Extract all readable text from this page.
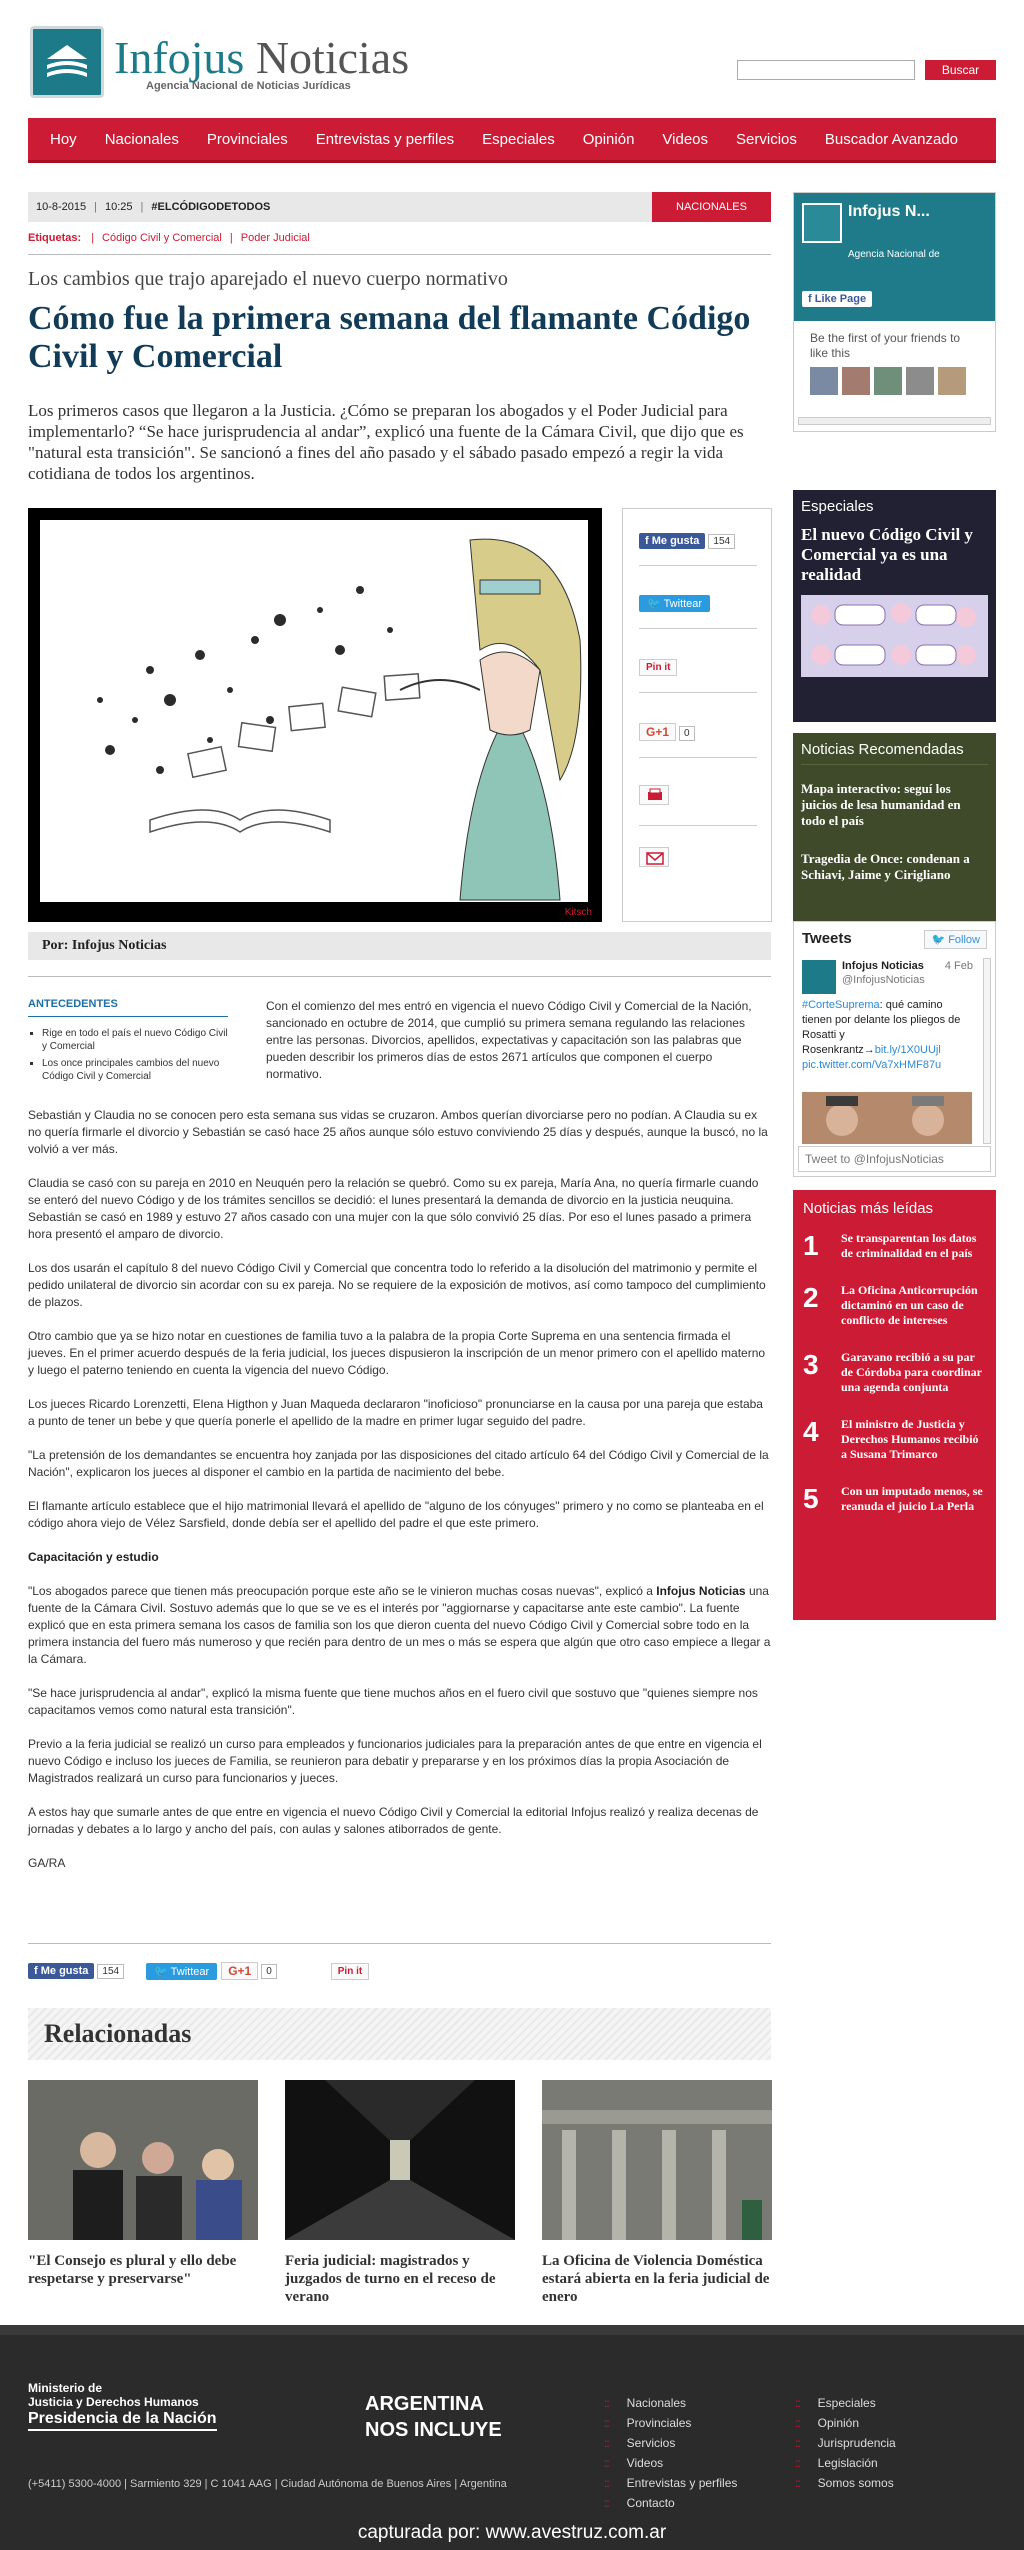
Infojus Noticias
Agencia Nacional de Noticias Jurídicas
Buscar
Hoy	Nacionales	Provinciales	Entrevistas y perfiles	Especiales	Opinión	Videos	Servicios	Buscador Avanzado
10-8-2015 | 10:25 | #ELCÓDIGODETODOS	NACIONALES
Etiquetas: | Código Civil y Comercial | Poder Judicial
Los cambios que trajo aparejado el nuevo cuerpo normativo
Cómo fue la primera semana del flamante Código Civil y Comercial

Los primeros casos que llegaron a la Justicia. ¿Cómo se preparan los abogados y el Poder Judicial para implementarlo? “Se hace jurisprudencia al andar”, explicó una fuente de la Cámara Civil, que dijo que es "natural esta transición". Se sancionó a fines del año pasado y el sábado pasado empezó a regir la vida cotidiana de todos los argentinos.

Kitsch
f Me gusta 154
🐦 Twittear
Pin it
G+1 0
Por: Infojus Noticias
ANTECEDENTES
▪ Rige en todo el país el nuevo Código Civil y Comercial
▪ Los once principales cambios del nuevo Código Civil y Comercial

Con el comienzo del mes entró en vigencia el nuevo Código Civil y Comercial de la Nación, sancionado en octubre de 2014, que cumplió su primera semana regulando las relaciones entre las personas. Divorcios, apellidos, expectativas y capacitación son las palabras que pueden describir los primeros días de estos 2671 artículos que componen el cuerpo normativo.

Sebastián y Claudia no se conocen pero esta semana sus vidas se cruzaron. Ambos querían divorciarse pero no podían. A Claudia su ex no quería firmarle el divorcio y Sebastián se casó hace 25 años aunque sólo estuvo conviviendo 25 días y después, aunque la buscó, no la volvió a ver más.

Claudia se casó con su pareja en 2010 en Neuquén pero la relación se quebró. Como su ex pareja, María Ana, no quería firmarle cuando se enteró del nuevo Código y de los trámites sencillos se decidió: el lunes presentará la demanda de divorcio en la justicia neuquina. Sebastián se casó en 1989 y estuvo 27 años casado con una mujer con la que sólo convivió 25 días. Por eso el lunes pasado a primera hora presentó el amparo de divorcio.

Los dos usarán el capítulo 8 del nuevo Código Civil y Comercial que concentra todo lo referido a la disolución del matrimonio y permite el pedido unilateral de divorcio sin acordar con su ex pareja. No se requiere de la exposición de motivos, así como tampoco del cumplimiento de plazos.

Otro cambio que ya se hizo notar en cuestiones de familia tuvo a la palabra de la propia Corte Suprema en una sentencia firmada el jueves. En el primer acuerdo después de la feria judicial, los jueces dispusieron la inscripción de un menor primero con el apellido materno y luego el paterno teniendo en cuenta la vigencia del nuevo Código.

Los jueces Ricardo Lorenzetti, Elena Higthon y Juan Maqueda declararon "inoficioso" pronunciarse en la causa por una pareja que estaba a punto de tener un bebe y que quería ponerle el apellido de la madre en primer lugar seguido del padre.

"La pretensión de los demandantes se encuentra hoy zanjada por las disposiciones del citado artículo 64 del Código Civil y Comercial de la Nación", explicaron los jueces al disponer el cambio en la partida de nacimiento del bebe.

El flamante artículo establece que el hijo matrimonial llevará el apellido de "alguno de los cónyuges" primero y no como se planteaba en el código ahora viejo de Vélez Sarsfield, donde debía ser el apellido del padre el que este primero.

Capacitación y estudio

"Los abogados parece que tienen más preocupación porque este año se le vinieron muchas cosas nuevas", explicó a Infojus Noticias una fuente de la Cámara Civil. Sostuvo además que lo que se ve es el interés por "aggiornarse y capacitarse ante este cambio". La fuente explicó que en esta primera semana los casos de familia son los que dieron cuenta del nuevo Código Civil y Comercial sobre todo en la primera instancia del fuero más numeroso y que recién para dentro de un mes o más se espera que algún que otro caso empiece a llegar a la Cámara.

"Se hace jurisprudencia al andar", explicó la misma fuente que tiene muchos años en el fuero civil que sostuvo que "quienes siempre nos capacitamos vemos como natural esta transición".

Previo a la feria judicial se realizó un curso para empleados y funcionarios judiciales para la preparación antes de que entre en vigencia el nuevo Código e incluso los jueces de Familia, se reunieron para debatir y prepararse y en los próximos días la propia Asociación de Magistrados realizará un curso para funcionarios y jueces.

A estos hay que sumarle antes de que entre en vigencia el nuevo Código Civil y Comercial la editorial Infojus realizó y realiza decenas de jornadas y debates a lo largo y ancho del país, con aulas y salones atiborrados de gente.

GA/RA

f Me gusta	154	🐦 Twittear	G+1	0	Pin it
Relacionadas
"El Consejo es plural y ello debe respetarse y preservarse"
Feria judicial: magistrados y juzgados de turno en el receso de verano
La Oficina de Violencia Doméstica estará abierta en la feria judicial de enero
Infojus N...
Agencia Nacional de
f Like Page
Be the first of your friends to like this
Especiales
El nuevo Código Civil y Comercial ya es una realidad
Noticias Recomendadas

Mapa interactivo: seguí los juicios de lesa humanidad en todo el país

Tragedia de Once: condenan a Schiavi, Jaime y Cirigliano

Tweets	🐦 Follow
Infojus Noticias
@InfojusNoticias
4 Feb
#CorteSuprema: qué camino tienen por delante los pliegos de Rosatti y Rosenkrantz→bit.ly/1X0UUjl pic.twitter.com/Va7xHMF87u
Tweet to @InfojusNoticias
Noticias más leídas
1	Se transparentan los datos de criminalidad en el país
2	La Oficina Anticorrupción dictaminó en un caso de conflicto de intereses
3	Garavano recibió a su par de Córdoba para coordinar una agenda conjunta
4	El ministro de Justicia y Derechos Humanos recibió a Susana Trimarco
5	Con un imputado menos, se reanuda el juicio La Perla
Ministerio de
Justicia y Derechos Humanos
Presidencia de la Nación
(+5411) 5300-4000 | Sarmiento 329 | C 1041 AAG | Ciudad Autónoma de Buenos Aires | Argentina
ARGENTINA
NOS INCLUYE
:: Nacionales
:: Provinciales
:: Servicios
:: Videos
:: Entrevistas y perfiles
:: Contacto
:: Especiales
:: Opinión
:: Jurisprudencia
:: Legislación
:: Somos somos
capturada por: www.avestruz.com.ar
